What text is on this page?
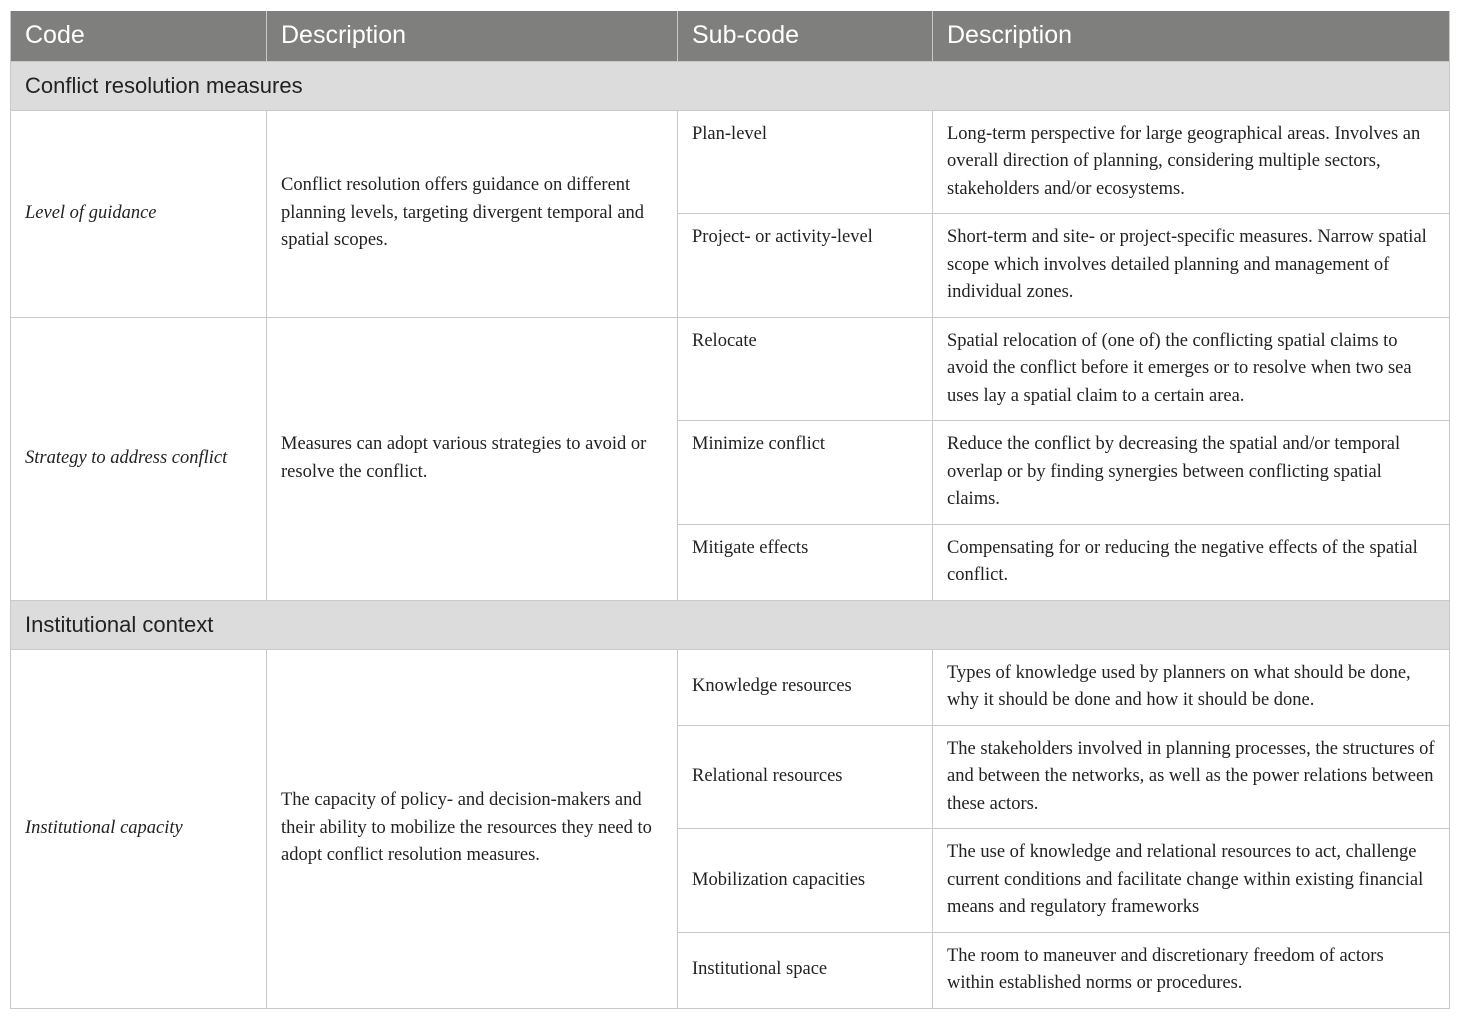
Code	Description	Sub-code	Description
Conflict resolution measures			
Level of guidance	Conflict resolution offers guidance on different planning levels, targeting divergent temporal and spatial scopes.	Plan-level	Long-term perspective for large geographical areas. Involves an overall direction of planning, considering multiple sectors, stakeholders and/or ecosystems.
		Project- or activity-level	Short-term and site- or project-specific measures. Narrow spatial scope which involves detailed planning and management of individual zones.
Strategy to address conflict	Measures can adopt various strategies to avoid or resolve the conflict.	Relocate	Spatial relocation of (one of) the conflicting spatial claims to avoid the conflict before it emerges or to resolve when two sea uses lay a spatial claim to a certain area.
		Minimize conflict	Reduce the conflict by decreasing the spatial and/or temporal overlap or by finding synergies between conflicting spatial claims.
		Mitigate effects	Compensating for or reducing the negative effects of the spatial conflict.
Institutional context			
Institutional capacity	The capacity of policy- and decision-makers and their ability to mobilize the resources they need to adopt conflict resolution measures.	Knowledge resources	Types of knowledge used by planners on what should be done, why it should be done and how it should be done.
		Relational resources	The stakeholders involved in planning processes, the structures of and between the networks, as well as the power relations between these actors.
		Mobilization capacities	The use of knowledge and relational resources to act, challenge current conditions and facilitate change within existing financial means and regulatory frameworks
		Institutional space	The room to maneuver and discretionary freedom of actors within established norms or procedures.
